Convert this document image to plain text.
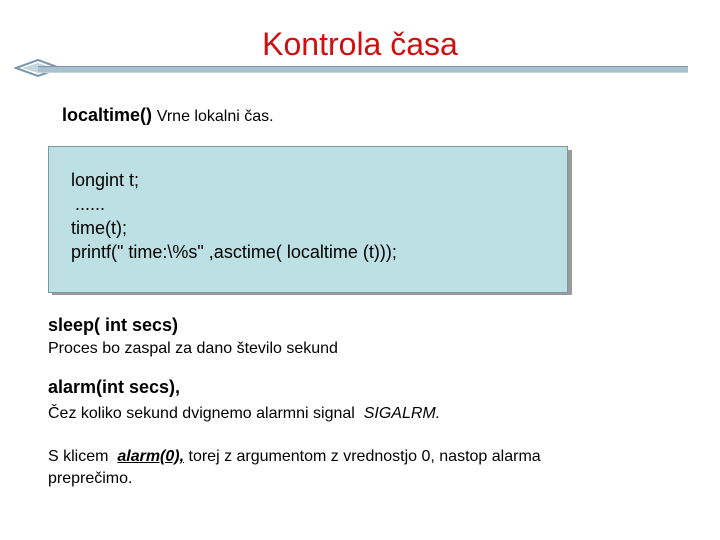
Kontrola časa
localtime() Vrne lokalni čas.
longint t;
......
time(t);
printf(" time:\%s" ,asctime( localtime (t)));
sleep( int secs)
Proces bo zaspal za dano število sekund
alarm(int secs),
Čez koliko sekund dvignemo alarmni signal SIGALRM.
S klicem alarm(0), torej z argumentom z vrednostjo 0, nastop alarma
preprečimo.
